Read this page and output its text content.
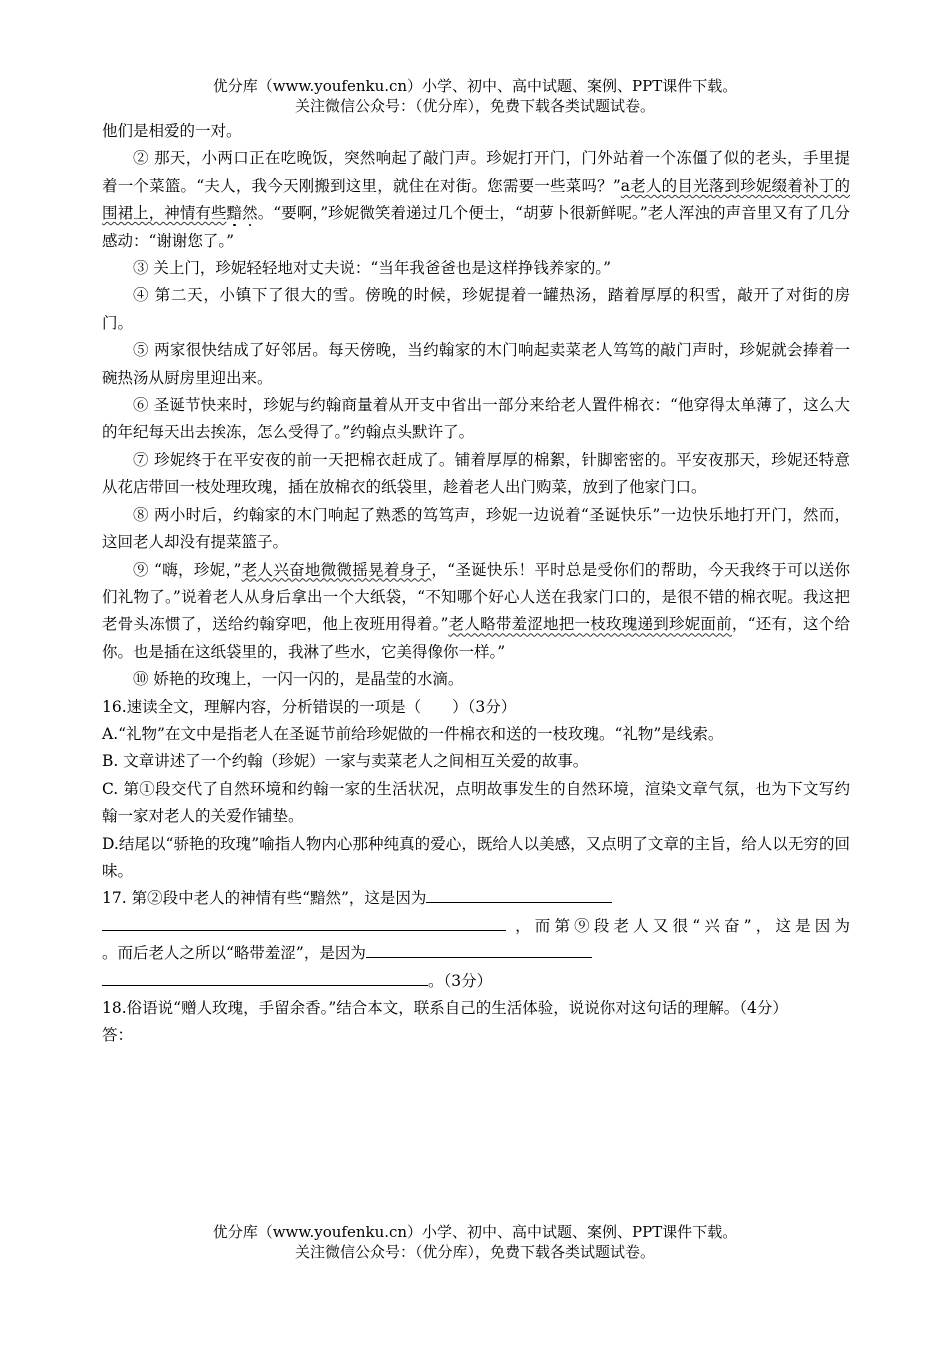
优分库（www.youfenku.cn）小学、初中、高中试题、案例、PPT课件下载。
关注微信公众号：（优分库），免费下载各类试题试卷。

他们是相爱的一对。

② 那天，小两口正在吃晚饭，突然响起了敲门声。珍妮打开门，门外站着一个冻僵了似的老头，手里提着一个菜篮。“夫人，我今天刚搬到这里，就住在对街。您需要一些菜吗？”a老人的目光落到珍妮缀着补丁的围裙上，神情有些黯然。“要啊，”珍妮微笑着递过几个便士，“胡萝卜很新鲜呢。”老人浑浊的声音里又有了几分感动：“谢谢您了。”

③ 关上门，珍妮轻轻地对丈夫说：“当年我爸爸也是这样挣钱养家的。”

④ 第二天，小镇下了很大的雪。傍晚的时候，珍妮提着一罐热汤，踏着厚厚的积雪，敲开了对街的房门。

⑤ 两家很快结成了好邻居。每天傍晚，当约翰家的木门响起卖菜老人笃笃的敲门声时，珍妮就会捧着一碗热汤从厨房里迎出来。

⑥ 圣诞节快来时，珍妮与约翰商量着从开支中省出一部分来给老人置件棉衣：“他穿得太单薄了，这么大的年纪每天出去挨冻，怎么受得了。”约翰点头默许了。

⑦ 珍妮终于在平安夜的前一天把棉衣赶成了。铺着厚厚的棉絮，针脚密密的。平安夜那天，珍妮还特意从花店带回一枝处理玫瑰，插在放棉衣的纸袋里，趁着老人出门购菜，放到了他家门口。

⑧ 两小时后，约翰家的木门响起了熟悉的笃笃声，珍妮一边说着“圣诞快乐”一边快乐地打开门，然而，这回老人却没有提菜篮子。

⑨ “嗨，珍妮，”老人兴奋地微微摇晃着身子，“圣诞快乐！平时总是受你们的帮助，今天我终于可以送你们礼物了。”说着老人从身后拿出一个大纸袋，“不知哪个好心人送在我家门口的，是很不错的棉衣呢。我这把老骨头冻惯了，送给约翰穿吧，他上夜班用得着。”老人略带羞涩地把一枝玫瑰递到珍妮面前，“还有，这个给你。也是插在这纸袋里的，我淋了些水，它美得像你一样。”

⑩ 娇艳的玫瑰上，一闪一闪的，是晶莹的水滴。

16.速读全文，理解内容，分析错误的一项是（　　）（3分）

A.“礼物”在文中是指老人在圣诞节前给珍妮做的一件棉衣和送的一枝玫瑰。“礼物”是线索。

B. 文章讲述了一个约翰（珍妮）一家与卖菜老人之间相互关爱的故事。

C. 第①段交代了自然环境和约翰一家的生活状况，点明故事发生的自然环境，渲染文章气氛，也为下文写约翰一家对老人的关爱作铺垫。

D.结尾以“骄艳的玫瑰”喻指人物内心那种纯真的爱心，既给人以美感，又点明了文章的主旨，给人以无穷的回味。

17. 第②段中老人的神情有些“黯然”，这是因为

，而第⑨段老人又很“兴奋”，这是因为

。而后老人之所以“略带羞涩”，是因为

。（3分）

18.俗语说“赠人玫瑰，手留余香。”结合本文，联系自己的生活体验，说说你对这句话的理解。（4分）

答：

优分库（www.youfenku.cn）小学、初中、高中试题、案例、PPT课件下载。
关注微信公众号：（优分库），免费下载各类试题试卷。
